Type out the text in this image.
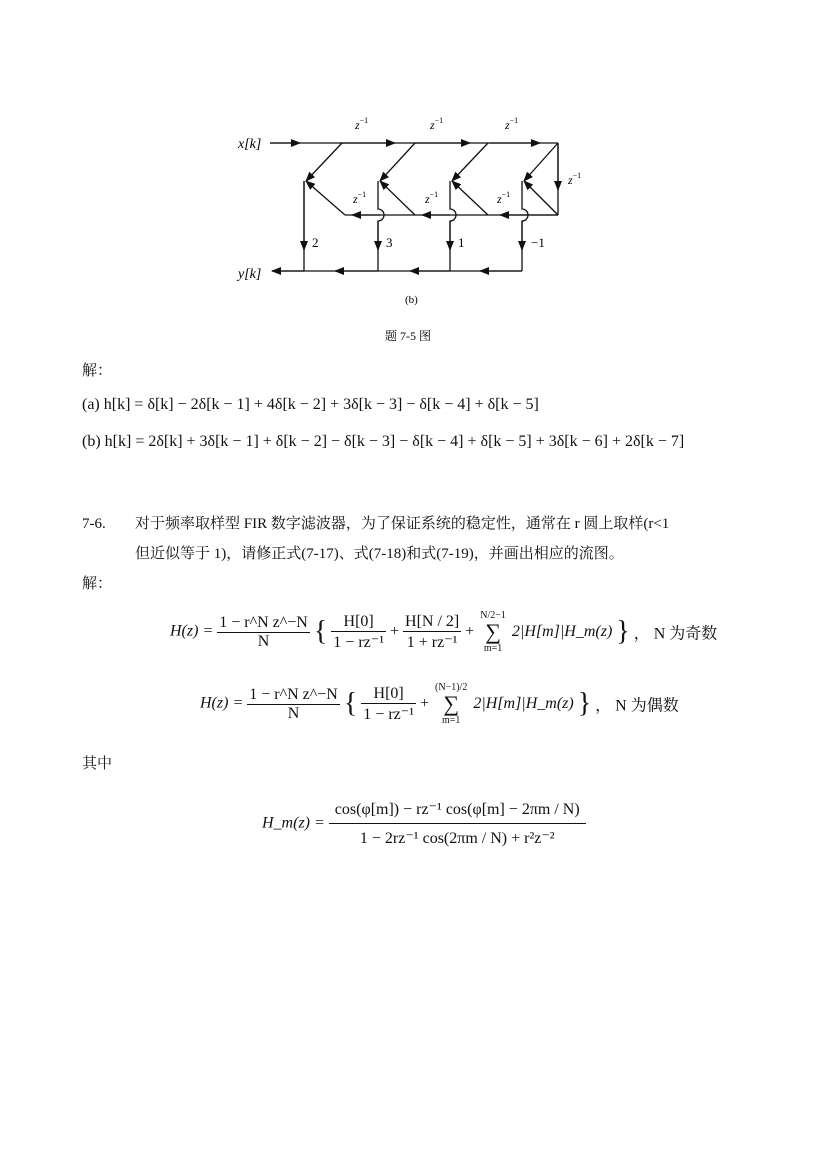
x[k]
y[k]
$z^{-1}$	$z^{-1}$	$z^{-1}$
$z^{-1}$
$z^{-1}$	$z^{-1}$	$z^{-1}$
2	3	1	−1
(b)
题 7-5 图
解：
(a) h[k] = δ[k] − 2δ[k − 1] + 4δ[k − 2] + 3δ[k − 3] − δ[k − 4] + δ[k − 5]
(b) h[k] = 2δ[k] + 3δ[k − 1] + δ[k − 2] − δ[k − 3] − δ[k − 4] + δ[k − 5] + 3δ[k − 6] + 2δ[k − 7]
7-6. 对于频率取样型 FIR 数字滤波器，为了保证系统的稳定性，通常在 r 圆上取样(r<1
但近似等于 1)，请修正式(7-17)、式(7-18)和式(7-19)，并画出相应的流图。
解：
$H(z) = \frac{\text{1 − r\textasciicircum{}N z\textasciicircum{}−N}}{N}$ { $\frac{H[0]}{\text{1 − rz⁻¹}} + \frac{H[N / 2]}{\text{1 + rz⁻¹}}$ +
N/2−1
∑
m=1
2|H[m]|H_m(z) } ， N 为奇数
$H(z) = \frac{\text{1 − r\textasciicircum{}N z\textasciicircum{}−N}}{N}$ { $\frac{H[0]}{\text{1 − rz⁻¹}}$ +
(N−1)/2
∑
m=1
2|H[m]|H_m(z) } ， N 为偶数
其中
H_m(z) = $\frac{\text{cos(φ[m]) − rz⁻¹ cos(φ[m] − 2πm / N)}}{\text{1 − 2rz⁻¹ cos(2πm / N) + r²z⁻²}}$
